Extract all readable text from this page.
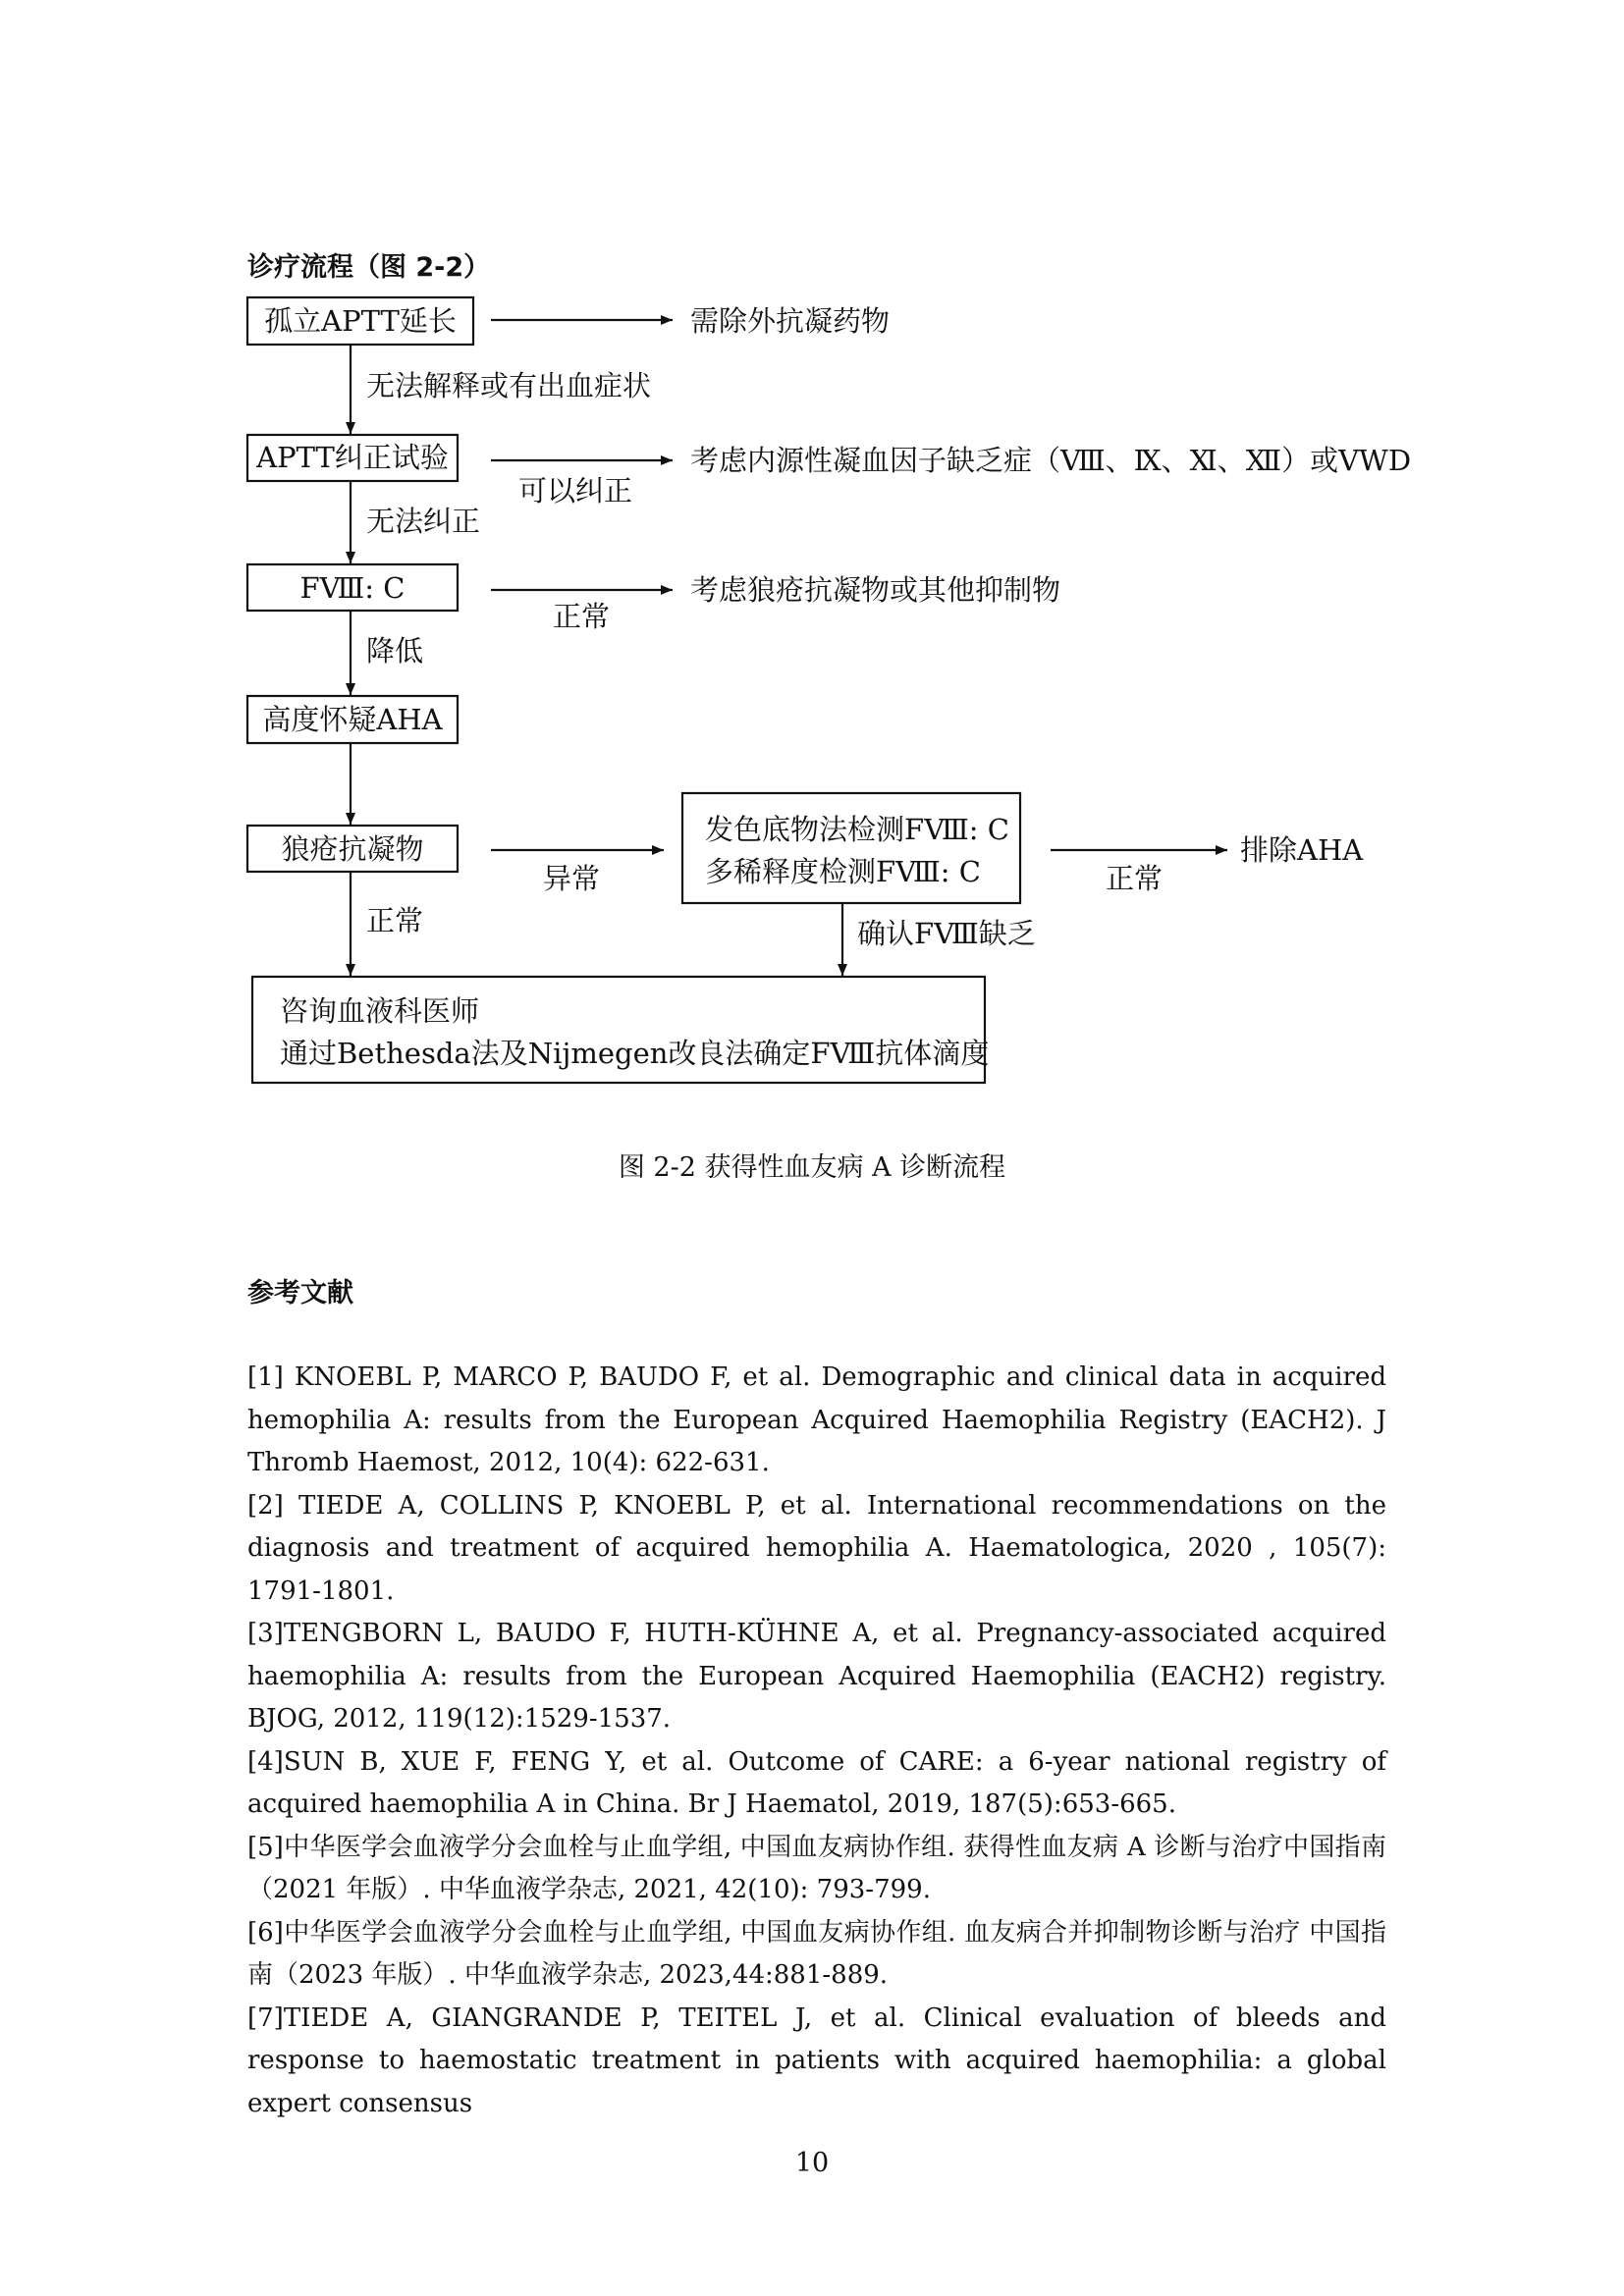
诊疗流程（图 2-2）
孤立APTT延长
APTT纠正试验
FⅧ: C
高度怀疑AHA
狼疮抗凝物
发色底物法检测FⅧ: C
多稀释度检测FⅧ: C
咨询血液科医师
通过Bethesda法及Nijmegen改良法确定FⅧ抗体滴度
需除外抗凝药物
考虑内源性凝血因子缺乏症（Ⅷ、Ⅸ、Ⅺ、Ⅻ）或VWD
考虑狼疮抗凝物或其他抑制物
排除AHA
无法解释或有出血症状
可以纠正
无法纠正
正常
降低
异常	正常
正常	确认FⅧ缺乏
图 2-2 获得性血友病 A 诊断流程
参考文献

[1] KNOEBL P, MARCO P, BAUDO F, et al. Demographic and clinical data in acquired hemophilia A: results from the European Acquired Haemophilia Registry (EACH2). J Thromb Haemost, 2012, 10(4): 622-631.

[2] TIEDE A, COLLINS P, KNOEBL P, et al. International recommendations on the diagnosis and treatment of acquired hemophilia A. Haematologica, 2020 , 105(7): 1791-1801.

[3]TENGBORN L, BAUDO F, HUTH-KÜHNE A, et al. Pregnancy-associated acquired haemophilia A: results from the European Acquired Haemophilia (EACH2) registry. BJOG, 2012, 119(12):1529-1537.

[4]SUN B, XUE F, FENG Y, et al. Outcome of CARE: a 6-year national registry of acquired haemophilia A in China. Br J Haematol, 2019, 187(5):653-665.

[5]中华医学会血液学分会血栓与止血学组, 中国血友病协作组. 获得性血友病 A 诊断与治疗中国指南（2021 年版）. 中华血液学杂志, 2021, 42(10): 793-799.

[6]中华医学会血液学分会血栓与止血学组, 中国血友病协作组. 血友病合并抑制物诊断与治疗 中国指南（2023 年版）. 中华血液学杂志, 2023,44:881-889.

[7]TIEDE A, GIANGRANDE P, TEITEL J, et al. Clinical evaluation of bleeds and response to haemostatic treatment in patients with acquired haemophilia: a global expert consensus

10
